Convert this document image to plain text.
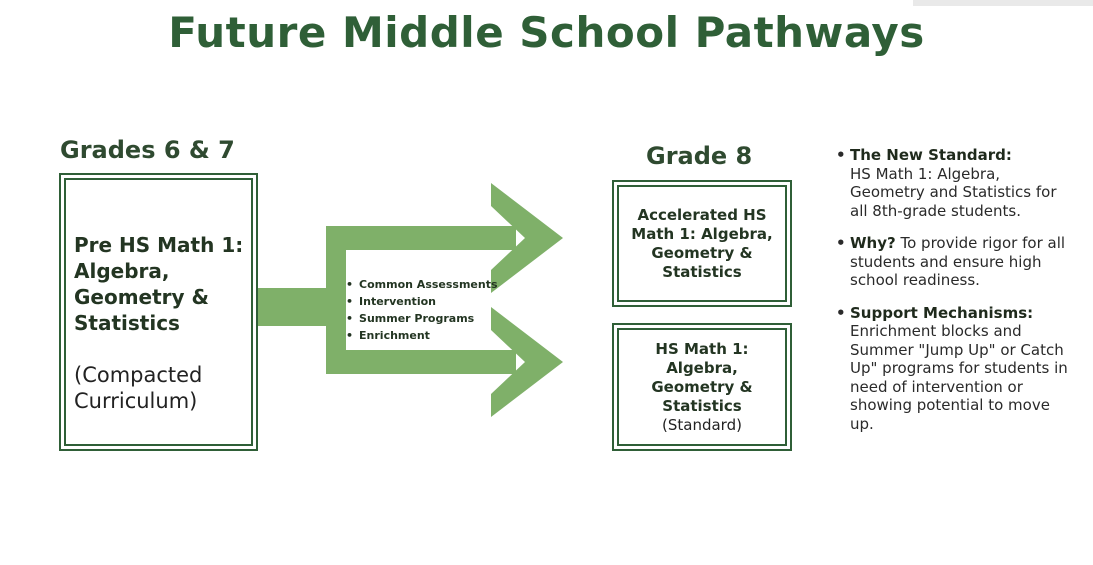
Future Middle School Pathways
Grades 6 & 7
Pre HS Math 1: Algebra, Geometry & Statistics
(Compacted Curriculum)
• Common Assessments
• Intervention
• Summer Programs
• Enrichment
Grade 8
Accelerated HS Math 1: Algebra, Geometry & Statistics
HS Math 1: Algebra, Geometry & Statistics
(Standard)
• The New Standard:
HS Math 1: Algebra, Geometry and Statistics for all 8th-grade students.
• Why? To provide rigor for all students and ensure high school readiness.
• Support Mechanisms:
Enrichment blocks and Summer "Jump Up" or Catch Up" programs for students in need of intervention or showing potential to move up.
